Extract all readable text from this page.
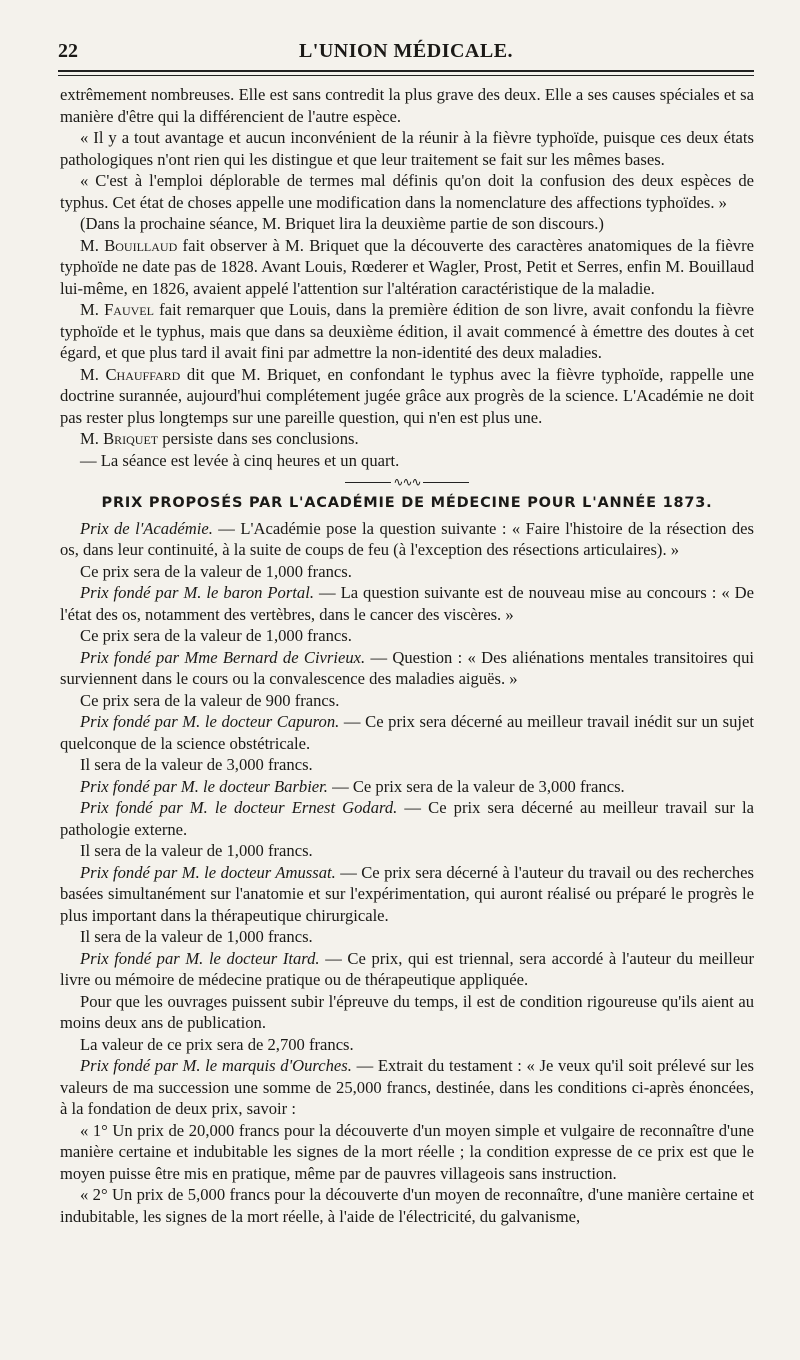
22	L'UNION MÉDICALE.

extrêmement nombreuses. Elle est sans contredit la plus grave des deux. Elle a ses causes spéciales et sa manière d'être qui la différencient de l'autre espèce.

« Il y a tout avantage et aucun inconvénient de la réunir à la fièvre typhoïde, puisque ces deux états pathologiques n'ont rien qui les distingue et que leur traitement se fait sur les mêmes bases.

« C'est à l'emploi déplorable de termes mal définis qu'on doit la confusion des deux espèces de typhus. Cet état de choses appelle une modification dans la nomenclature des affections typhoïdes. »

(Dans la prochaine séance, M. Briquet lira la deuxième partie de son discours.)

M. Bouillaud fait observer à M. Briquet que la découverte des caractères anatomiques de la fièvre typhoïde ne date pas de 1828. Avant Louis, Rœderer et Wagler, Prost, Petit et Serres, enfin M. Bouillaud lui-même, en 1826, avaient appelé l'attention sur l'altération caractéristique de la maladie.

M. Fauvel fait remarquer que Louis, dans la première édition de son livre, avait confondu la fièvre typhoïde et le typhus, mais que dans sa deuxième édition, il avait commencé à émettre des doutes à cet égard, et que plus tard il avait fini par admettre la non-identité des deux maladies.

M. Chauffard dit que M. Briquet, en confondant le typhus avec la fièvre typhoïde, rappelle une doctrine surannée, aujourd'hui complétement jugée grâce aux progrès de la science. L'Académie ne doit pas rester plus longtemps sur une pareille question, qui n'en est plus une.

M. Briquet persiste dans ses conclusions.

— La séance est levée à cinq heures et un quart.

∿∿∿
PRIX PROPOSÉS PAR L'ACADÉMIE DE MÉDECINE POUR L'ANNÉE 1873.

Prix de l'Académie. — L'Académie pose la question suivante : « Faire l'histoire de la résection des os, dans leur continuité, à la suite de coups de feu (à l'exception des résections articulaires). »

Ce prix sera de la valeur de 1,000 francs.

Prix fondé par M. le baron Portal. — La question suivante est de nouveau mise au concours : « De l'état des os, notamment des vertèbres, dans le cancer des viscères. »

Ce prix sera de la valeur de 1,000 francs.

Prix fondé par Mme Bernard de Civrieux. — Question : « Des aliénations mentales transitoires qui surviennent dans le cours ou la convalescence des maladies aiguës. »

Ce prix sera de la valeur de 900 francs.

Prix fondé par M. le docteur Capuron. — Ce prix sera décerné au meilleur travail inédit sur un sujet quelconque de la science obstétricale.

Il sera de la valeur de 3,000 francs.

Prix fondé par M. le docteur Barbier. — Ce prix sera de la valeur de 3,000 francs.

Prix fondé par M. le docteur Ernest Godard. — Ce prix sera décerné au meilleur travail sur la pathologie externe.

Il sera de la valeur de 1,000 francs.

Prix fondé par M. le docteur Amussat. — Ce prix sera décerné à l'auteur du travail ou des recherches basées simultanément sur l'anatomie et sur l'expérimentation, qui auront réalisé ou préparé le progrès le plus important dans la thérapeutique chirurgicale.

Il sera de la valeur de 1,000 francs.

Prix fondé par M. le docteur Itard. — Ce prix, qui est triennal, sera accordé à l'auteur du meilleur livre ou mémoire de médecine pratique ou de thérapeutique appliquée.

Pour que les ouvrages puissent subir l'épreuve du temps, il est de condition rigoureuse qu'ils aient au moins deux ans de publication.

La valeur de ce prix sera de 2,700 francs.

Prix fondé par M. le marquis d'Ourches. — Extrait du testament : « Je veux qu'il soit prélevé sur les valeurs de ma succession une somme de 25,000 francs, destinée, dans les conditions ci-après énoncées, à la fondation de deux prix, savoir :

« 1° Un prix de 20,000 francs pour la découverte d'un moyen simple et vulgaire de reconnaître d'une manière certaine et indubitable les signes de la mort réelle ; la condition expresse de ce prix est que le moyen puisse être mis en pratique, même par de pauvres villageois sans instruction.

« 2° Un prix de 5,000 francs pour la découverte d'un moyen de reconnaître, d'une manière certaine et indubitable, les signes de la mort réelle, à l'aide de l'électricité, du galvanisme,
